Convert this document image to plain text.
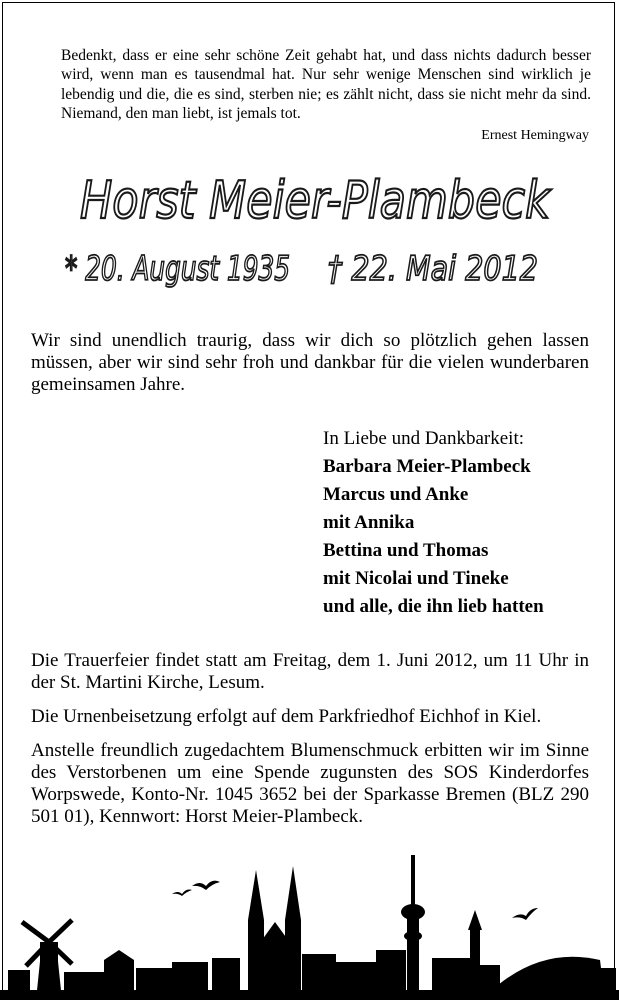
Bedenkt, dass er eine sehr schöne Zeit gehabt hat, und dass nichts dadurch besser wird, wenn man es tausendmal hat. Nur sehr wenige Menschen sind wirklich je lebendig und die, die es sind, sterben nie; es zählt nicht, dass sie nicht mehr da sind. Niemand, den man liebt, ist jemals tot.
Ernest Hemingway
Horst Meier-Plambeck
* 20. August 1935 † 22. Mai 2012
Wir sind unendlich traurig, dass wir dich so plötzlich gehen lassen müssen, aber wir sind sehr froh und dankbar für die vielen wunderbaren gemeinsamen Jahre.
In Liebe und Dankbarkeit:
Barbara Meier-Plambeck
Marcus und Anke
mit Annika
Bettina und Thomas
mit Nicolai und Tineke
und alle, die ihn lieb hatten
Die Trauerfeier findet statt am Freitag, dem 1. Juni 2012, um 11 Uhr in der St. Martini Kirche, Lesum.
Die Urnenbeisetzung erfolgt auf dem Parkfriedhof Eichhof in Kiel.
Anstelle freundlich zugedachtem Blumenschmuck erbitten wir im Sinne des Verstorbenen um eine Spende zugunsten des SOS Kinderdorfes Worpswede, Konto-Nr. 1045 3652 bei der Sparkasse Bremen (BLZ 290 501 01), Kennwort: Horst Meier-Plambeck.
